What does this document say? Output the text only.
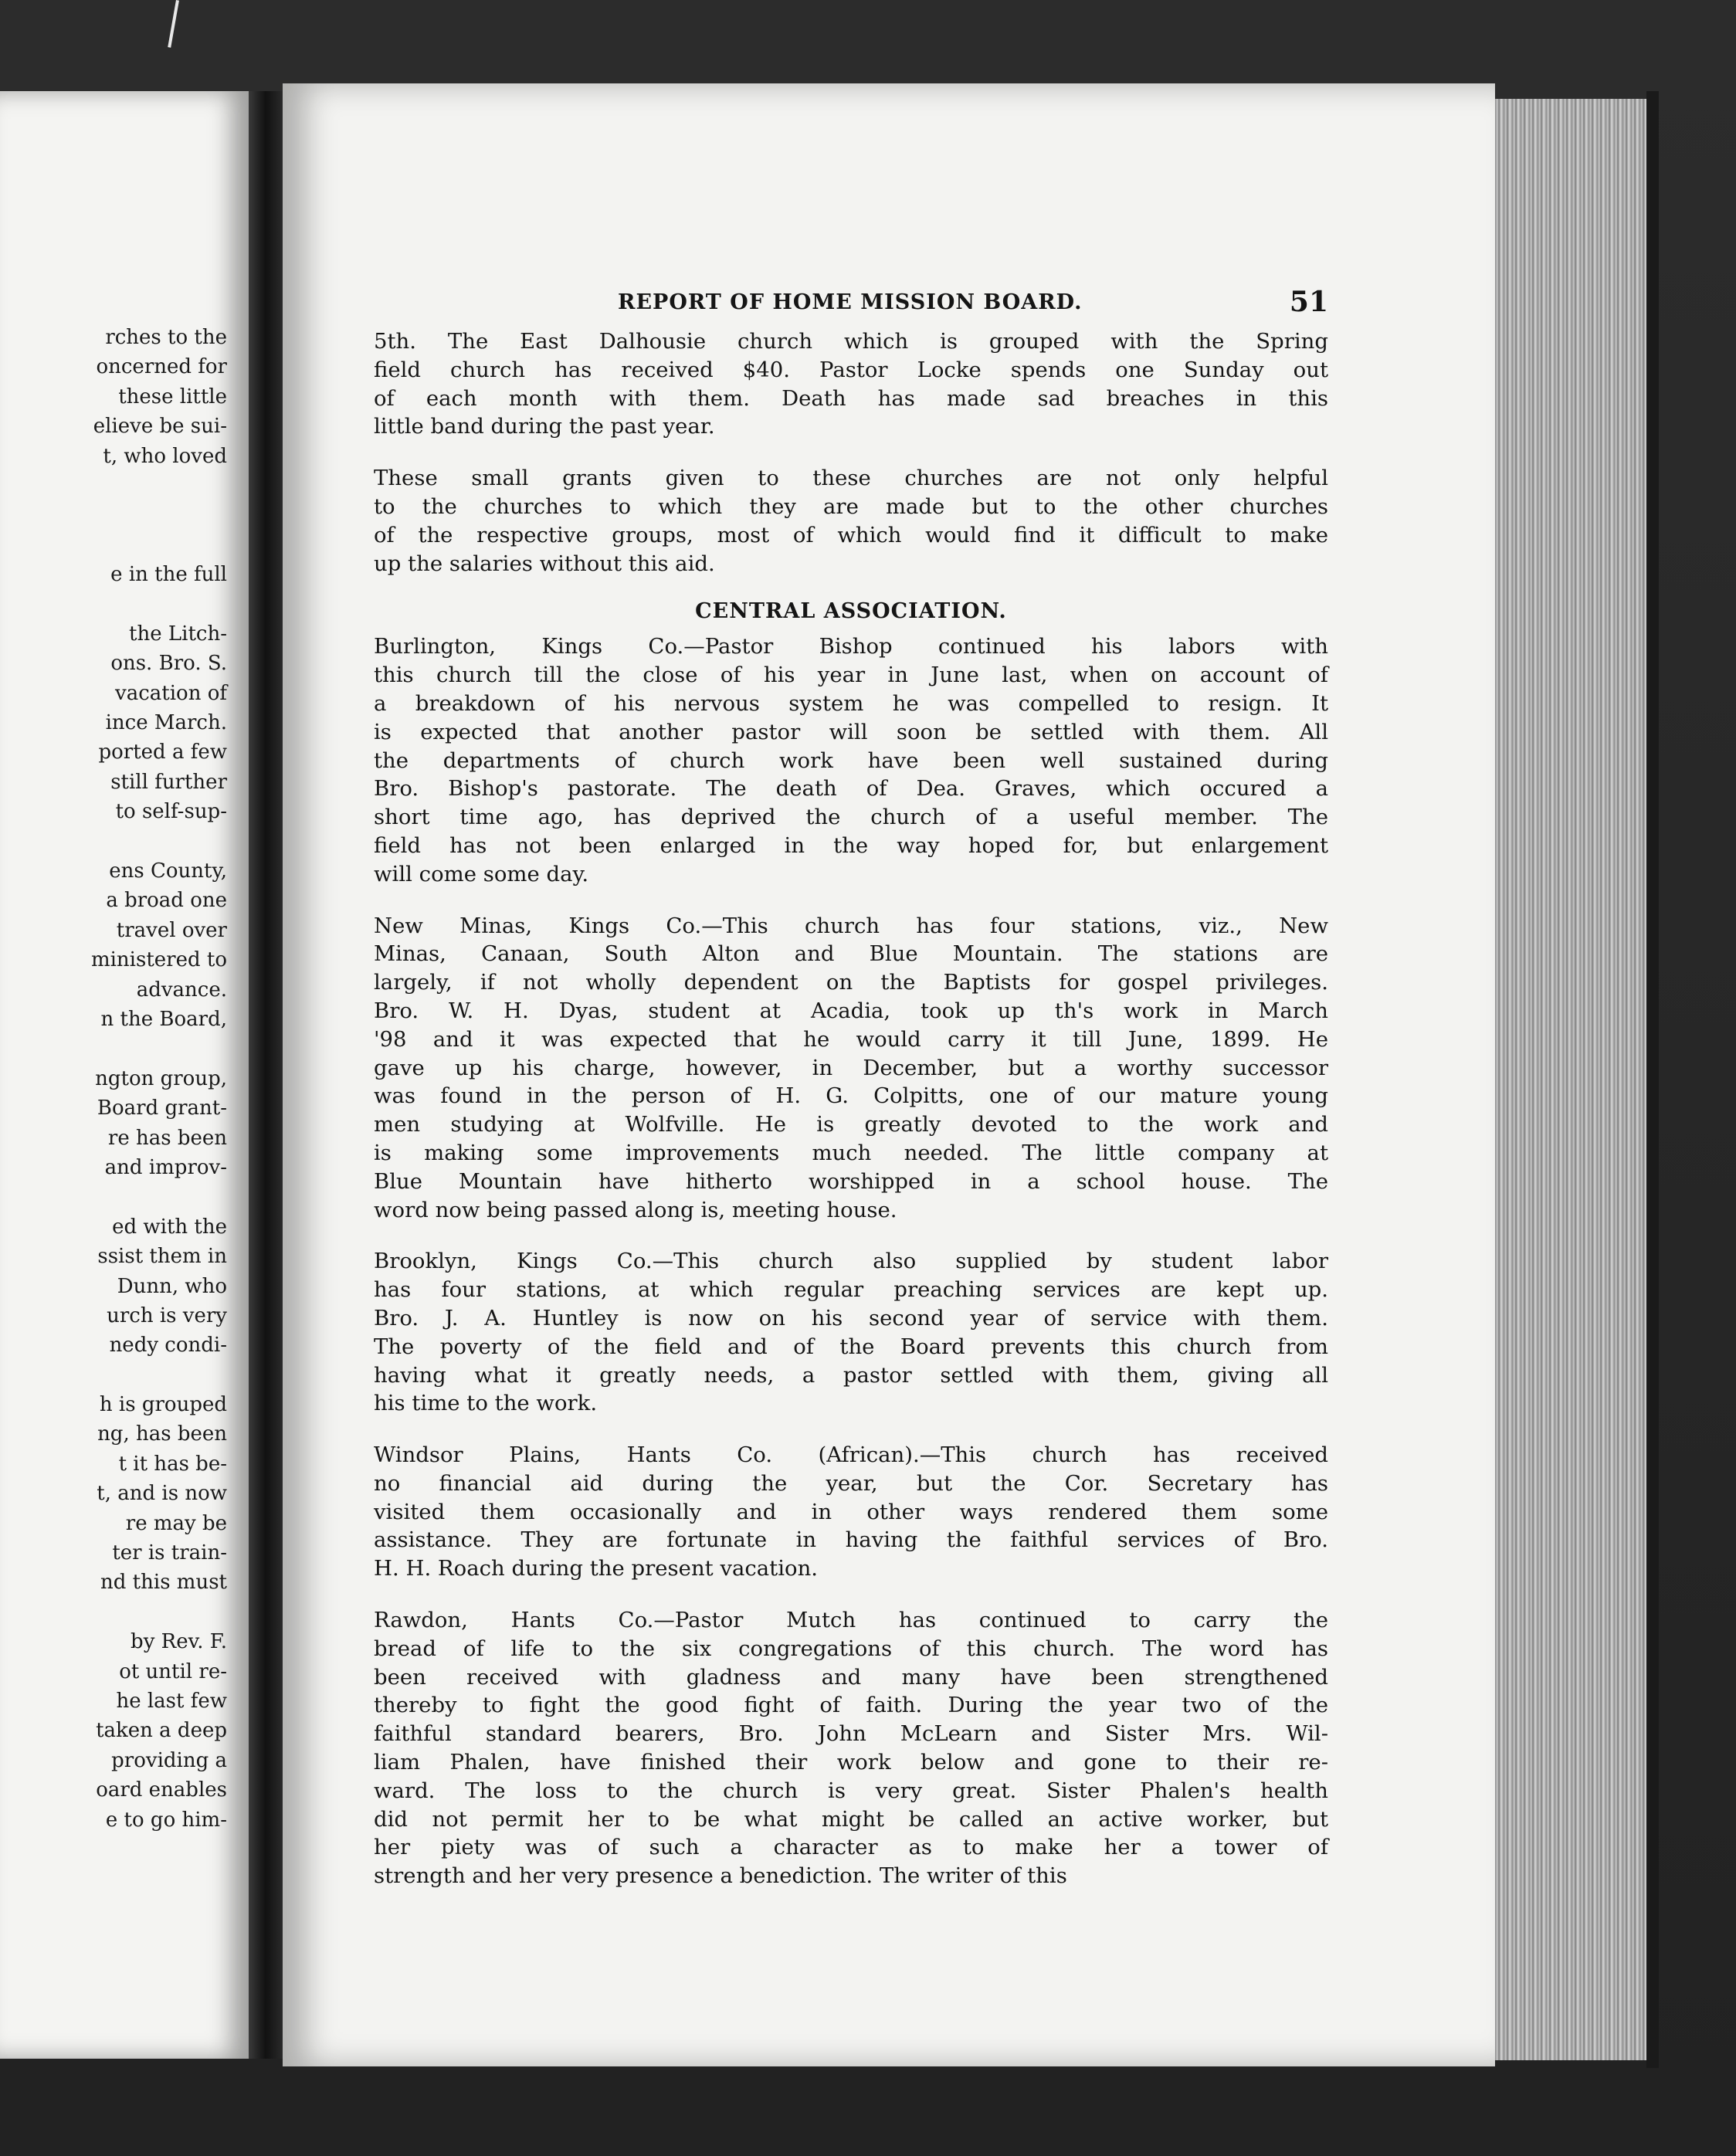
rches to the
oncerned for
these little
elieve be sui-
t, who loved
e in the full
the Litch-
ons. Bro. S.
vacation of
ince March.
ported a few
still further
to self-sup-
ens County,
a broad one
travel over
ministered to
advance.
n the Board,
ngton group,
Board grant-
re has been
and improv-
ed with the
ssist them in
Dunn, who
urch is very
nedy condi-
h is grouped
ng, has been
t it has be-
t, and is now
re may be
ter is train-
nd this must
by Rev. F.
ot until re-
he last few
taken a deep
providing a
oard enables
e to go him-
REPORT OF HOME MISSION BOARD.	51
5th. The East Dalhousie church which is grouped with the Spring
field church has received $40. Pastor Locke spends one Sunday out
of each month with them. Death has made sad breaches in this
little band during the past year.
These small grants given to these churches are not only helpful
to the churches to which they are made but to the other churches
of the respective groups, most of which would find it difficult to make
up the salaries without this aid.
CENTRAL ASSOCIATION.
Burlington, Kings Co.—Pastor Bishop continued his labors with
this church till the close of his year in June last, when on account of
a breakdown of his nervous system he was compelled to resign. It
is expected that another pastor will soon be settled with them. All
the departments of church work have been well sustained during
Bro. Bishop's pastorate. The death of Dea. Graves, which occured a
short time ago, has deprived the church of a useful member. The
field has not been enlarged in the way hoped for, but enlargement
will come some day.
New Minas, Kings Co.—This church has four stations, viz., New
Minas, Canaan, South Alton and Blue Mountain. The stations are
largely, if not wholly dependent on the Baptists for gospel privileges.
Bro. W. H. Dyas, student at Acadia, took up th's work in March
'98 and it was expected that he would carry it till June, 1899. He
gave up his charge, however, in December, but a worthy successor
was found in the person of H. G. Colpitts, one of our mature young
men studying at Wolfville. He is greatly devoted to the work and
is making some improvements much needed. The little company at
Blue Mountain have hitherto worshipped in a school house. The
word now being passed along is, meeting house.
Brooklyn, Kings Co.—This church also supplied by student labor
has four stations, at which regular preaching services are kept up.
Bro. J. A. Huntley is now on his second year of service with them.
The poverty of the field and of the Board prevents this church from
having what it greatly needs, a pastor settled with them, giving all
his time to the work.
Windsor Plains, Hants Co. (African).—This church has received
no financial aid during the year, but the Cor. Secretary has
visited them occasionally and in other ways rendered them some
assistance. They are fortunate in having the faithful services of Bro.
H. H. Roach during the present vacation.
Rawdon, Hants Co.—Pastor Mutch has continued to carry the
bread of life to the six congregations of this church. The word has
been received with gladness and many have been strengthened
thereby to fight the good fight of faith. During the year two of the
faithful standard bearers, Bro. John McLearn and Sister Mrs. Wil-
liam Phalen, have finished their work below and gone to their re-
ward. The loss to the church is very great. Sister Phalen's health
did not permit her to be what might be called an active worker, but
her piety was of such a character as to make her a tower of
strength and her very presence a benediction. The writer of this
